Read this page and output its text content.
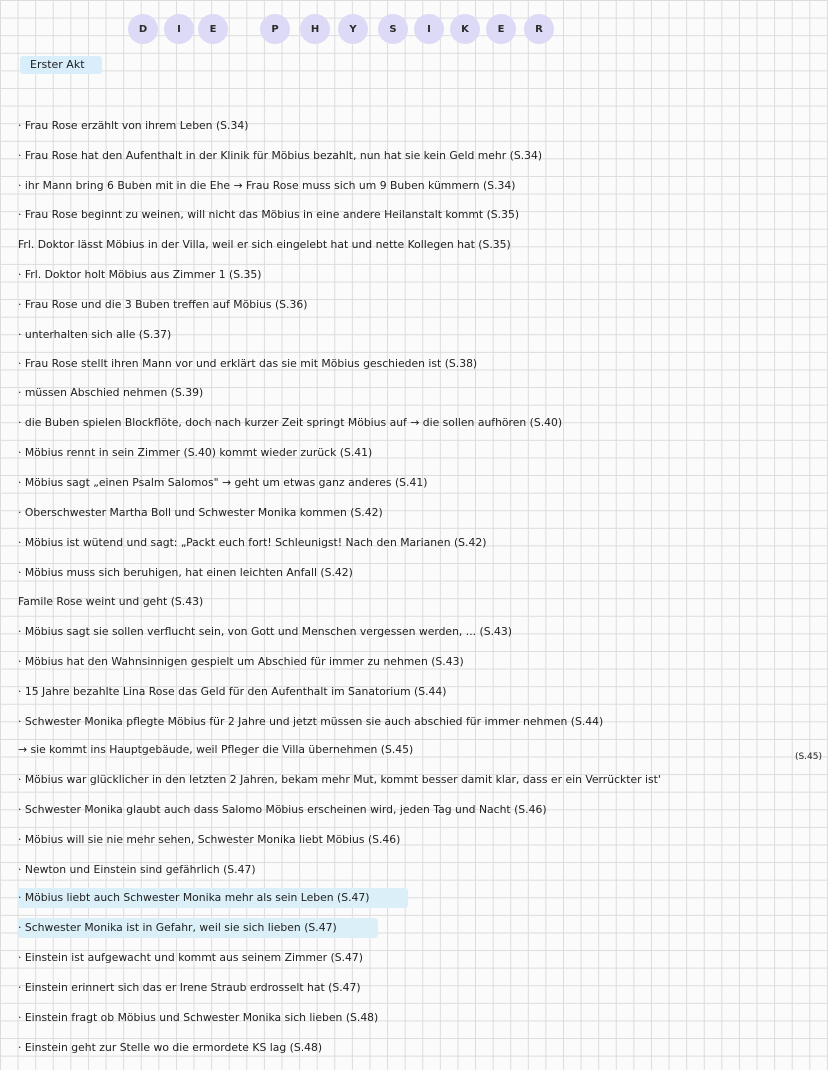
D	I	E	P	H	Y	S	I	K	E	R
Erster Akt
· Frau Rose erzählt von ihrem Leben (S.34)
· Frau Rose hat den Aufenthalt in der Klinik für Möbius bezahlt, nun hat sie kein Geld mehr (S.34)
· ihr Mann bring 6 Buben mit in die Ehe → Frau Rose muss sich um 9 Buben kümmern (S.34)
· Frau Rose beginnt zu weinen, will nicht das Möbius in eine andere Heilanstalt kommt (S.35)
Frl. Doktor lässt Möbius in der Villa, weil er sich eingelebt hat und nette Kollegen hat (S.35)
· Frl. Doktor holt Möbius aus Zimmer 1 (S.35)
· Frau Rose und die 3 Buben treffen auf Möbius (S.36)
· unterhalten sich alle (S.37)
· Frau Rose stellt ihren Mann vor und erklärt das sie mit Möbius geschieden ist (S.38)
· müssen Abschied nehmen (S.39)
· die Buben spielen Blockflöte, doch nach kurzer Zeit springt Möbius auf → die sollen aufhören (S.40)
· Möbius rennt in sein Zimmer (S.40) kommt wieder zurück (S.41)
· Möbius sagt „einen Psalm Salomos" → geht um etwas ganz anderes (S.41)
· Oberschwester Martha Boll und Schwester Monika kommen (S.42)
· Möbius ist wütend und sagt: „Packt euch fort! Schleunigst! Nach den Marianen (S.42)
· Möbius muss sich beruhigen, hat einen leichten Anfall (S.42)
Famile Rose weint und geht (S.43)
· Möbius sagt sie sollen verflucht sein, von Gott und Menschen vergessen werden, ... (S.43)
· Möbius hat den Wahnsinnigen gespielt um Abschied für immer zu nehmen (S.43)
· 15 Jahre bezahlte Lina Rose das Geld für den Aufenthalt im Sanatorium (S.44)
· Schwester Monika pflegte Möbius für 2 Jahre und jetzt müssen sie auch abschied für immer nehmen (S.44)
→ sie kommt ins Hauptgebäude, weil Pfleger die Villa übernehmen (S.45)
· Möbius war glücklicher in den letzten 2 Jahren, bekam mehr Mut, kommt besser damit klar, dass er ein Verrückter ist'
· Schwester Monika glaubt auch dass Salomo Möbius erscheinen wird, jeden Tag und Nacht (S.46)
· Möbius will sie nie mehr sehen, Schwester Monika liebt Möbius (S.46)
· Newton und Einstein sind gefährlich (S.47)
· Möbius liebt auch Schwester Monika mehr als sein Leben (S.47)
· Schwester Monika ist in Gefahr, weil sie sich lieben (S.47)
· Einstein ist aufgewacht und kommt aus seinem Zimmer (S.47)
· Einstein erinnert sich das er Irene Straub erdrosselt hat (S.47)
· Einstein fragt ob Möbius und Schwester Monika sich lieben (S.48)
· Einstein geht zur Stelle wo die ermordete KS lag (S.48)
(S.45)
